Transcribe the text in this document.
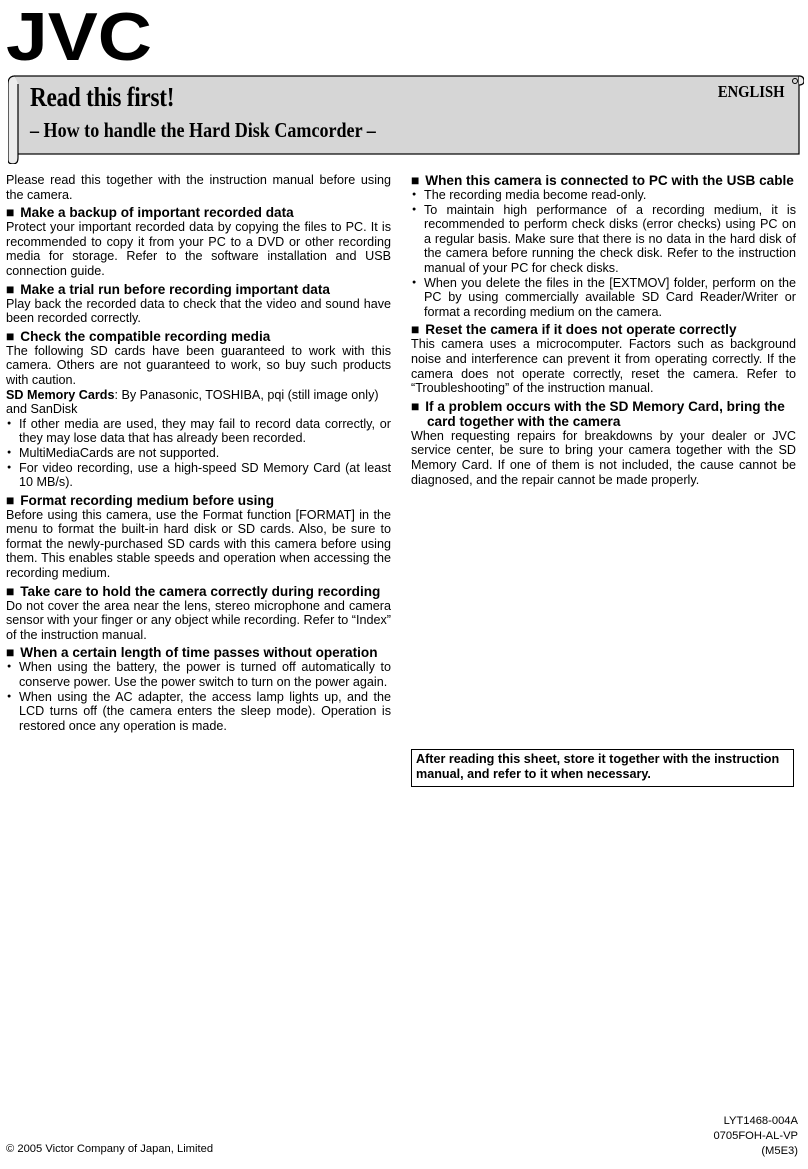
JVC
Read this first!
– How to handle the Hard Disk Camcorder –
ENGLISH

Please read this together with the instruction manual before using the camera.

■ Make a backup of important recorded data

Protect your important recorded data by copying the files to PC. It is recommended to copy it from your PC to a DVD or other recording media for storage. Refer to the software installation and USB connection guide.

■ Make a trial run before recording important data

Play back the recorded data to check that the video and sound have been recorded correctly.

■ Check the compatible recording media

The following SD cards have been guaranteed to work with this camera. Others are not guaranteed to work, so buy such products with caution.

SD Memory Cards: By Panasonic, TOSHIBA, pqi (still image only) and SanDisk

● If other media are used, they may fail to record data correctly, or they may lose data that has already been recorded.
● MultiMediaCards are not supported.
● For video recording, use a high-speed SD Memory Card (at least 10 MB/s).
■ Format recording medium before using

Before using this camera, use the Format function [FORMAT] in the menu to format the built-in hard disk or SD cards. Also, be sure to format the newly-purchased SD cards with this camera before using them. This enables stable speeds and operation when accessing the recording medium.

■ Take care to hold the camera correctly during recording

Do not cover the area near the lens, stereo microphone and camera sensor with your finger or any object while recording. Refer to “Index” of the instruction manual.

■ When a certain length of time passes without operation
● When using the battery, the power is turned off automatically to conserve power. Use the power switch to turn on the power again.
● When using the AC adapter, the access lamp lights up, and the LCD turns off (the camera enters the sleep mode). Operation is restored once any operation is made.
■ When this camera is connected to PC with the USB cable
● The recording media become read-only.
● To maintain high performance of a recording medium, it is recommended to perform check disks (error checks) using PC on a regular basis. Make sure that there is no data in the hard disk of the camera before running the check disk. Refer to the instruction manual of your PC for check disks.
● When you delete the files in the [EXTMOV] folder, perform on the PC by using commercially available SD Card Reader/Writer or format a recording medium on the camera.
■ Reset the camera if it does not operate correctly

This camera uses a microcomputer. Factors such as background noise and interference can prevent it from operating correctly. If the camera does not operate correctly, reset the camera. Refer to “Troubleshooting” of the instruction manual.

■ If a problem occurs with the SD Memory Card, bring the card together with the camera

When requesting repairs for breakdowns by your dealer or JVC service center, be sure to bring your camera together with the SD Memory Card. If one of them is not included, the cause cannot be diagnosed, and the repair cannot be made properly.

After reading this sheet, store it together with the instruction manual, and refer to it when necessary.
© 2005 Victor Company of Japan, Limited
LYT1468-004A
0705FOH-AL-VP
(M5E3)
